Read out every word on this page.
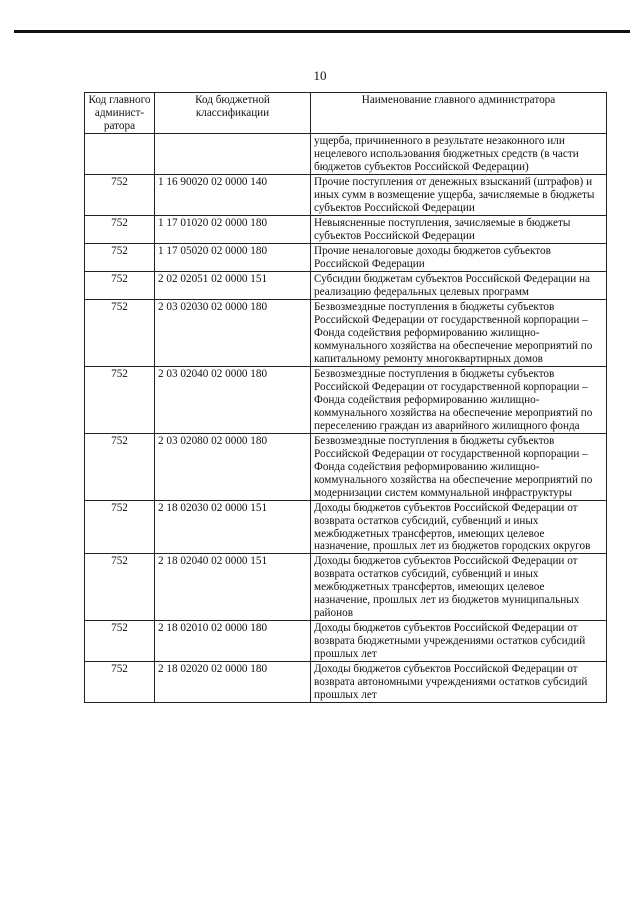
10
Код главного админист-ратора	Код бюджетной классификации	Наименование главного администратора
		ущерба, причиненного в результате незаконного или нецелевого использования бюджетных средств (в части бюджетов субъектов Российской Федерации)
752	1 16 90020 02 0000 140	Прочие поступления от денежных взысканий (штрафов) и иных сумм в возмещение ущерба, зачисляемые в бюджеты субъектов Российской Федерации
752	1 17 01020 02 0000 180	Невыясненные поступления, зачисляемые в бюджеты субъектов Российской Федерации
752	1 17 05020 02 0000 180	Прочие неналоговые доходы бюджетов субъектов Российской Федерации
752	2 02 02051 02 0000 151	Субсидии бюджетам субъектов Российской Федерации на реализацию федеральных целевых программ
752	2 03 02030 02 0000 180	Безвозмездные поступления в бюджеты субъектов Российской Федерации от государственной корпорации – Фонда содействия реформированию жилищно-коммунального хозяйства на обеспечение мероприятий по капитальному ремонту многоквартирных домов
752	2 03 02040 02 0000 180	Безвозмездные поступления в бюджеты субъектов Российской Федерации от государственной корпорации – Фонда содействия реформированию жилищно-коммунального хозяйства на обеспечение мероприятий по переселению граждан из аварийного жилищного фонда
752	2 03 02080 02 0000 180	Безвозмездные поступления в бюджеты субъектов Российской Федерации от государственной корпорации – Фонда содействия реформированию жилищно-коммунального хозяйства на обеспечение мероприятий по модернизации систем коммунальной инфраструктуры
752	2 18 02030 02 0000 151	Доходы бюджетов субъектов Российской Федерации от возврата остатков субсидий, субвенций и иных межбюджетных трансфертов, имеющих целевое назначение, прошлых лет из бюджетов городских округов
752	2 18 02040 02 0000 151	Доходы бюджетов субъектов Российской Федерации от возврата остатков субсидий, субвенций и иных межбюджетных трансфертов, имеющих целевое назначение, прошлых лет из бюджетов муниципальных районов
752	2 18 02010 02 0000 180	Доходы бюджетов субъектов Российской Федерации от возврата бюджетными учреждениями остатков субсидий прошлых лет
752	2 18 02020 02 0000 180	Доходы бюджетов субъектов Российской Федерации от возврата автономными учреждениями остатков субсидий прошлых лет
